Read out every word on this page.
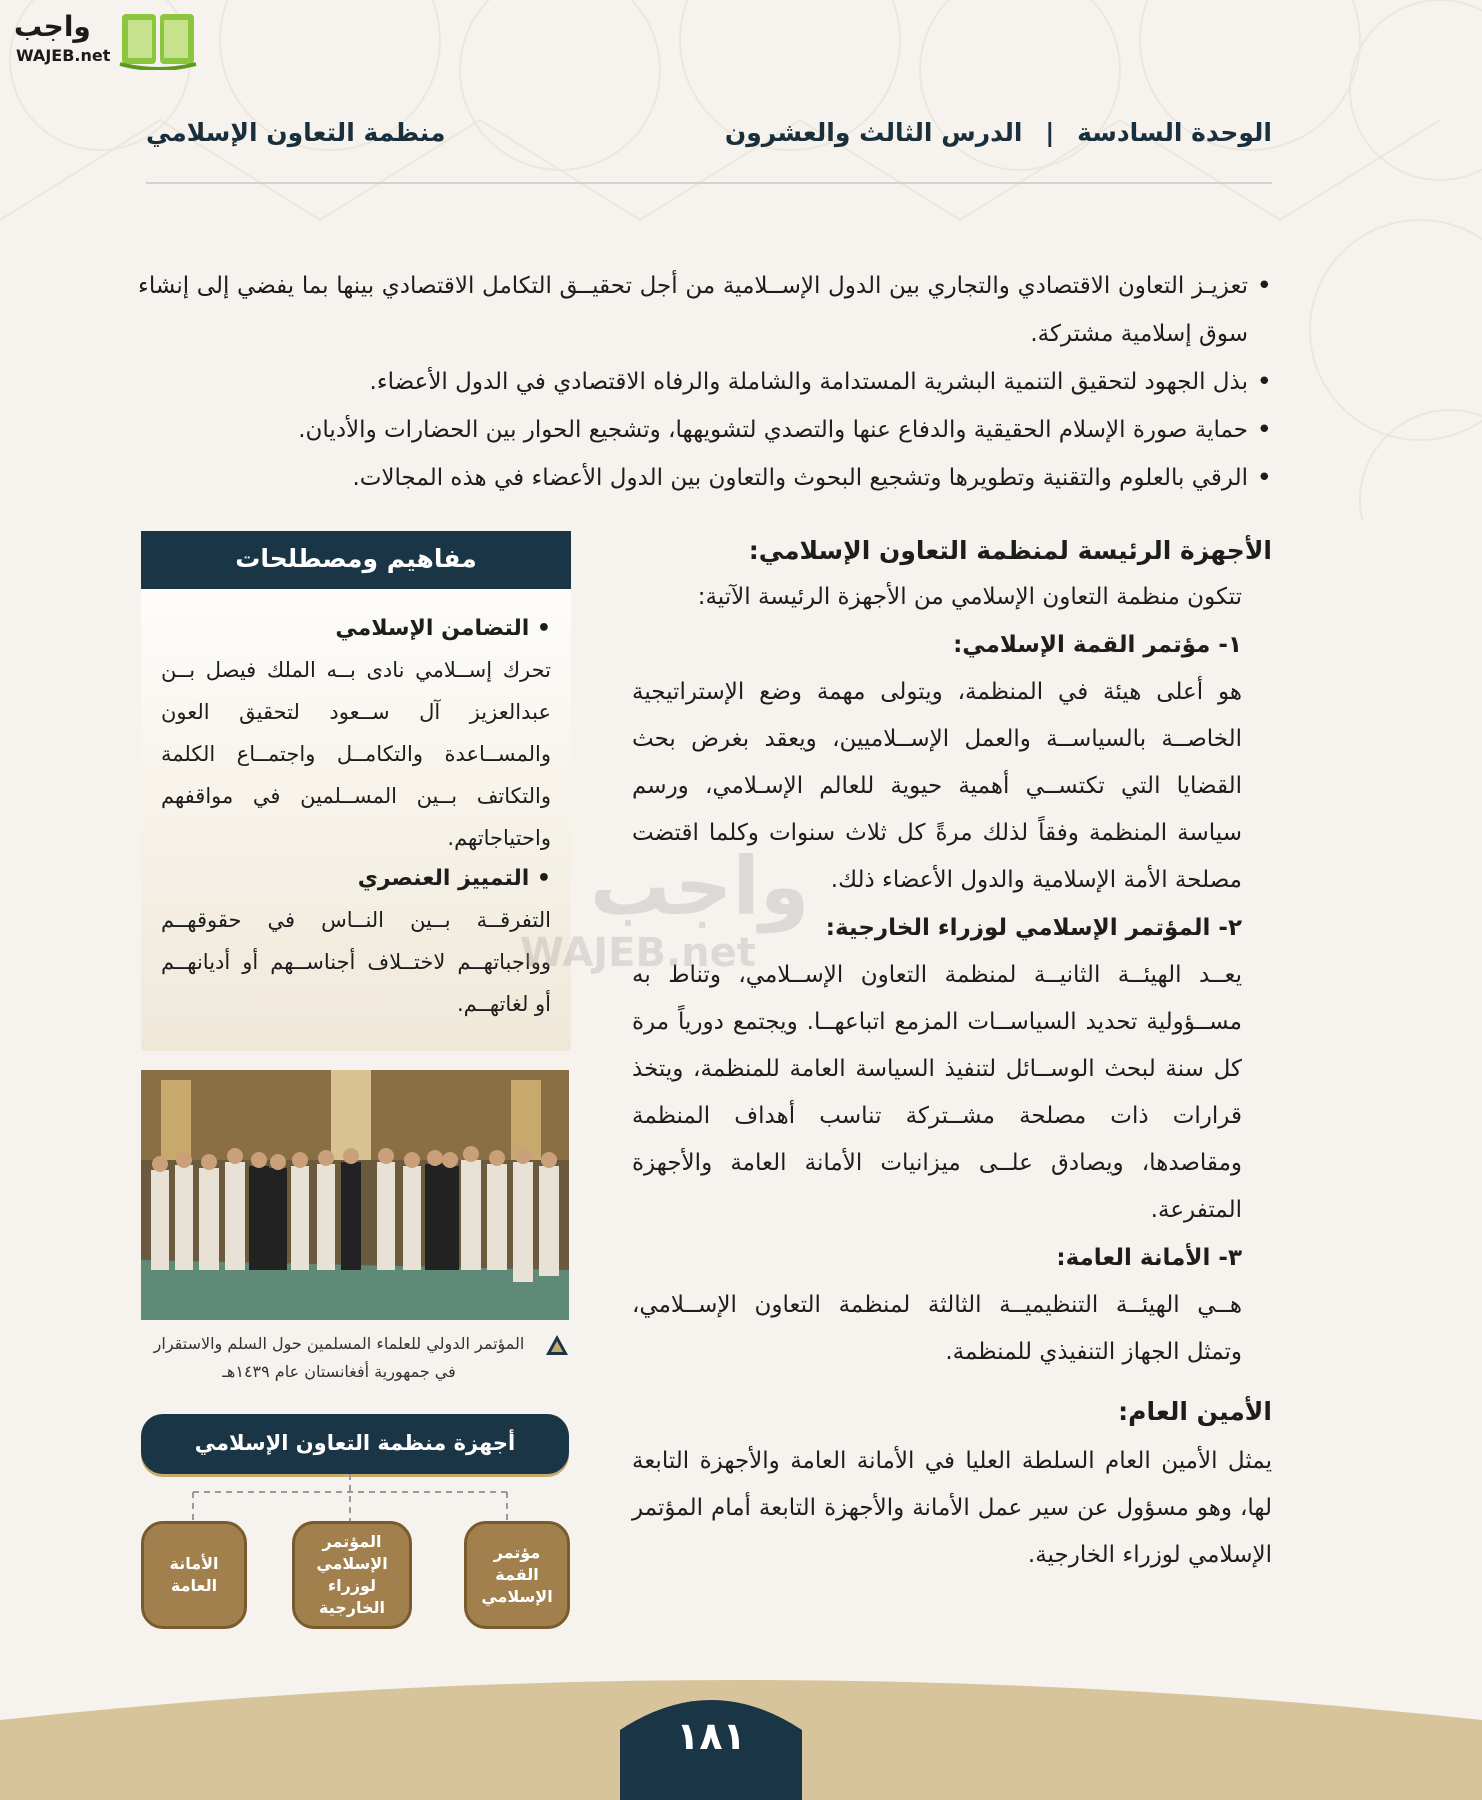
واجب
WAJEB.net
الوحدة السادسة | الدرس الثالث والعشرون
منظمة التعاون الإسلامي
• تعزيـز التعاون الاقتصادي والتجاري بين الدول الإســلامية من أجل تحقيــق التكامل الاقتصادي بينها بما يفضي إلى إنشاء سوق إسلامية مشتركة.
• بذل الجهود لتحقيق التنمية البشرية المستدامة والشاملة والرفاه الاقتصادي في الدول الأعضاء.
• حماية صورة الإسلام الحقيقية والدفاع عنها والتصدي لتشويهها، وتشجيع الحوار بين الحضارات والأديان.
• الرقي بالعلوم والتقنية وتطويرها وتشجيع البحوث والتعاون بين الدول الأعضاء في هذه المجالات.
الأجهزة الرئيسة لمنظمة التعاون الإسلامي:

تتكون منظمة التعاون الإسلامي من الأجهزة الرئيسة الآتية:

١- مؤتمر القمة الإسلامي:

هو أعلى هيئة في المنظمة، ويتولى مهمة وضع الإستراتيجية الخاصــة بالسياســة والعمل الإســلاميين، ويعقد بغرض بحث القضايا التي تكتســي أهمية حيوية للعالم الإسـلامي، ورسم سياسة المنظمة وفقاً لذلك مرةً كل ثلاث سنوات وكلما اقتضت مصلحة الأمة الإسلامية والدول الأعضاء ذلك.

٢- المؤتمر الإسلامي لوزراء الخارجية:

يعــد الهيئــة الثانيــة لمنظمة التعاون الإســلامي، وتناط به مســؤولية تحديد السياســات المزمع اتباعهــا. ويجتمع دورياً مرة كل سنة لبحث الوســائل لتنفيذ السياسة العامة للمنظمة، ويتخذ قرارات ذات مصلحة مشــتركة تناسب أهداف المنظمة ومقاصدها، ويصادق علــى ميزانيات الأمانة العامة والأجهزة المتفرعة.

٣- الأمانة العامة:

هــي الهيئــة التنظيميــة الثالثة لمنظمة التعاون الإســلامي، وتمثل الجهاز التنفيذي للمنظمة.

الأمين العام:

يمثل الأمين العام السلطة العليا في الأمانة العامة والأجهزة التابعة لها، وهو مسؤول عن سير عمل الأمانة والأجهزة التابعة أمام المؤتمر الإسلامي لوزراء الخارجية.

مفاهيم ومصطلحات
• التضامن الإسلامي

تحرك إســلامي نادى بــه الملك فيصل بــن عبدالعزيز آل ســعود لتحقيق العون والمســاعدة والتكامــل واجتمــاع الكلمة والتكاتف بــين المســلمين في مواقفهم واحتياجاتهم.

• التمييز العنصري

التفرقــة بــين النــاس في حقوقهــم وواجباتهــم لاختــلاف أجناســهم أو أديانهــم أو لغاتهــم.

المؤتمر الدولي للعلماء المسلمين حول السلم والاستقرار
في جمهورية أفغانستان عام ١٤٣٩هـ
أجهزة منظمة التعاون الإسلامي
مؤتمر القمة الإسلامي
المؤتمر الإسلامي لوزراء الخارجية
الأمانة العامة
واجب
WAJEB.net
١٨١
